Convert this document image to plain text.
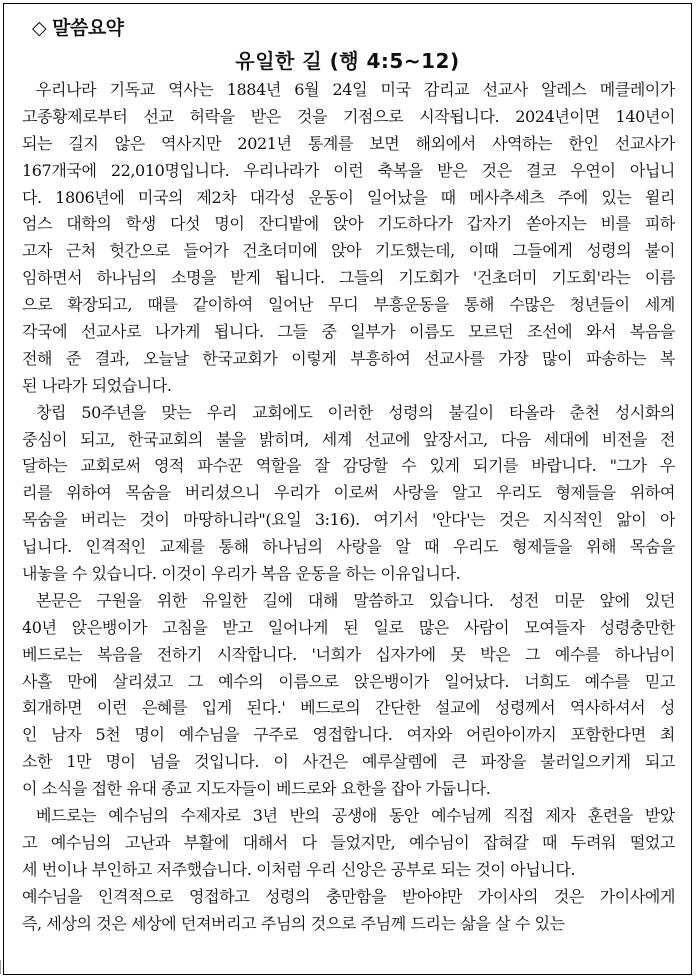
◇ 말씀요약
유일한 길 (행 4:5~12)
우리나라 기독교 역사는 1884년 6월 24일 미국 감리교 선교사 알레스 메클레이가
고종황제로부터 선교 허락을 받은 것을 기점으로 시작됩니다. 2024년이면 140년이
되는 길지 않은 역사지만 2021년 통계를 보면 해외에서 사역하는 한인 선교사가
167개국에 22,010명입니다. 우리나라가 이런 축복을 받은 것은 결코 우연이 아닙니
다. 1806년에 미국의 제2차 대각성 운동이 일어났을 때 메사추세츠 주에 있는 윌리
엄스 대학의 학생 다섯 명이 잔디밭에 앉아 기도하다가 갑자기 쏟아지는 비를 피하
고자 근처 헛간으로 들어가 건초더미에 앉아 기도했는데, 이때 그들에게 성령의 불이
임하면서 하나님의 소명을 받게 됩니다. 그들의 기도회가 '건초더미 기도회'라는 이름
으로 확장되고, 때를 같이하여 일어난 무디 부흥운동을 통해 수많은 청년들이 세계
각국에 선교사로 나가게 됩니다. 그들 중 일부가 이름도 모르던 조선에 와서 복음을
전해 준 결과, 오늘날 한국교회가 이렇게 부흥하여 선교사를 가장 많이 파송하는 복
된 나라가 되었습니다.
창립 50주년을 맞는 우리 교회에도 이러한 성령의 불길이 타올라 춘천 성시화의
중심이 되고, 한국교회의 불을 밝히며, 세계 선교에 앞장서고, 다음 세대에 비전을 전
달하는 교회로써 영적 파수꾼 역할을 잘 감당할 수 있게 되기를 바랍니다. "그가 우
리를 위하여 목숨을 버리셨으니 우리가 이로써 사랑을 알고 우리도 형제들을 위하여
목숨을 버리는 것이 마땅하니라"(요일 3:16). 여기서 '안다'는 것은 지식적인 앎이 아
닙니다. 인격적인 교제를 통해 하나님의 사랑을 알 때 우리도 형제들을 위해 목숨을
내놓을 수 있습니다. 이것이 우리가 복음 운동을 하는 이유입니다.
본문은 구원을 위한 유일한 길에 대해 말씀하고 있습니다. 성전 미문 앞에 있던
40년 앉은뱅이가 고침을 받고 일어나게 된 일로 많은 사람이 모여들자 성령충만한
베드로는 복음을 전하기 시작합니다. '너희가 십자가에 못 박은 그 예수를 하나님이
사흘 만에 살리셨고 그 예수의 이름으로 앉은뱅이가 일어났다. 너희도 예수를 믿고
회개하면 이런 은혜를 입게 된다.' 베드로의 간단한 설교에 성령께서 역사하셔서 성
인 남자 5천 명이 예수님을 구주로 영접합니다. 여자와 어린아이까지 포함한다면 최
소한 1만 명이 넘을 것입니다. 이 사건은 예루살렘에 큰 파장을 불러일으키게 되고
이 소식을 접한 유대 종교 지도자들이 베드로와 요한을 잡아 가둡니다.
베드로는 예수님의 수제자로 3년 반의 공생애 동안 예수님께 직접 제자 훈련을 받았
고 예수님의 고난과 부활에 대해서 다 들었지만, 예수님이 잡혀갈 때 두려워 떨었고
세 번이나 부인하고 저주했습니다. 이처럼 우리 신앙은 공부로 되는 것이 아닙니다.
예수님을 인격적으로 영접하고 성령의 충만함을 받아야만 가이사의 것은 가이사에게
즉, 세상의 것은 세상에 던져버리고 주님의 것으로 주님께 드리는 삶을 살 수 있는
